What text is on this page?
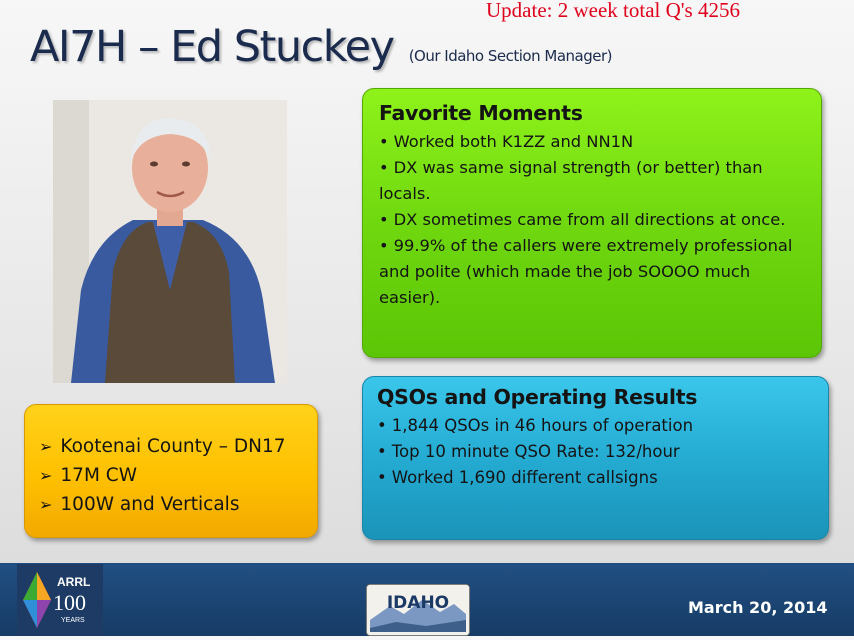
Update: 2 week total Q's 4256
AI7H – Ed Stuckey (Our Idaho Section Manager)
Favorite Moments
• Worked both K1ZZ and NN1N
• DX was same signal strength (or better) than locals.
• DX sometimes came from all directions at once.
• 99.9% of the callers were extremely professional and polite (which made the job SOOOO much easier).
QSOs and Operating Results
• 1,844 QSOs in 46 hours of operation
• Top 10 minute QSO Rate: 132/hour
• Worked 1,690 different callsigns
➢ Kootenai County – DN17
➢ 17M CW
➢ 100W and Verticals
ARRL
100
YEARS
IDAHO	March 20, 2014
